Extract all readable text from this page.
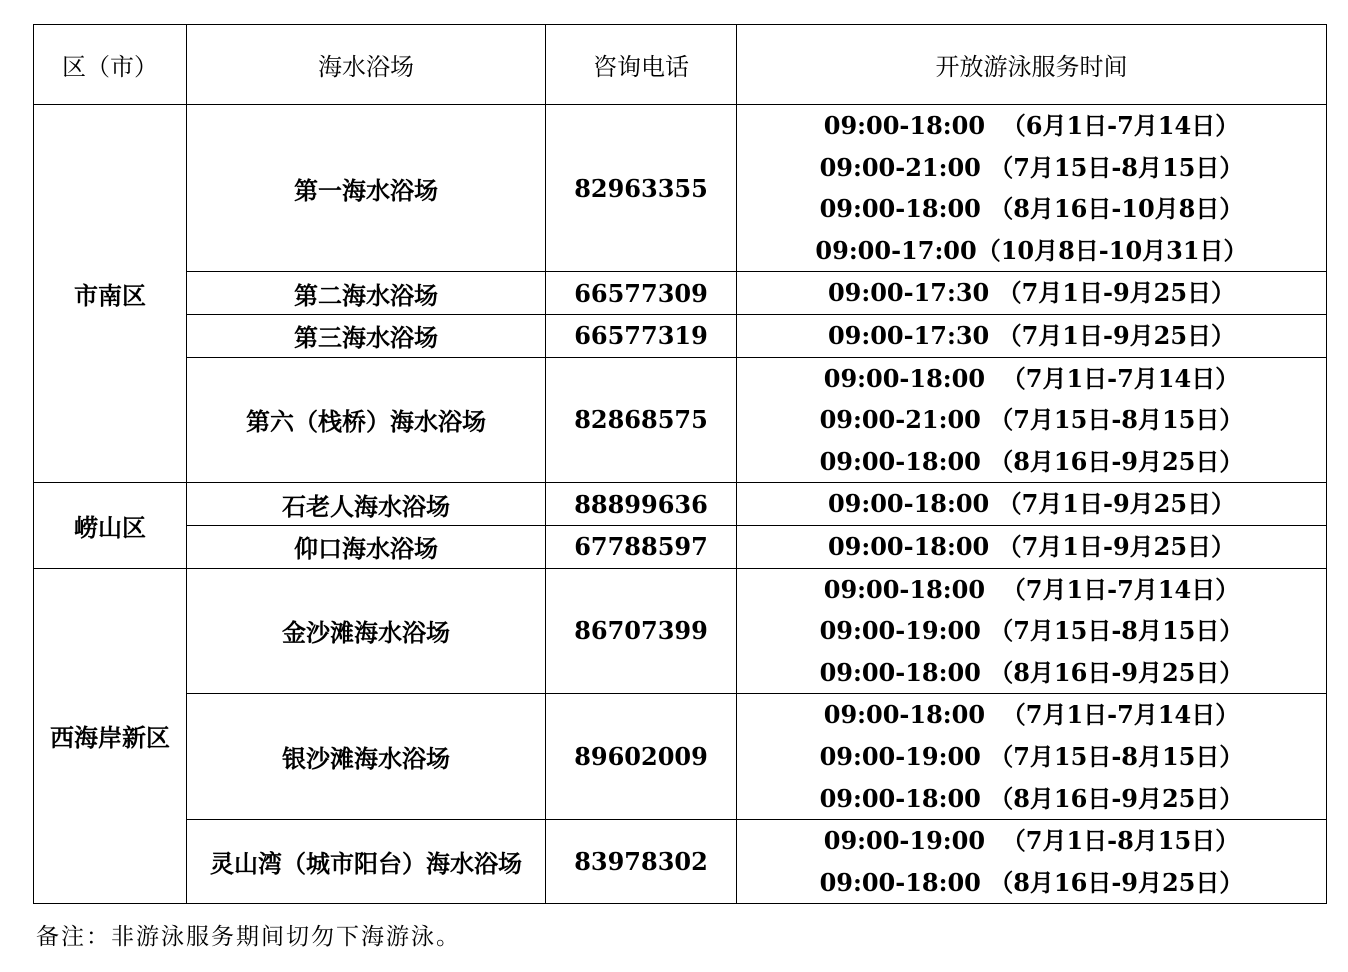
区（市）	海水浴场	咨询电话	开放游泳服务时间
市南区	第一海水浴场	82963355	09:00-18:00  （6月1日-7月14日）
09:00-21:00 （7月15日-8月15日）
09:00-18:00 （8月16日-10月8日）
09:00-17:00（10月8日-10月31日）

	第二海水浴场	66577309	09:00-17:30 （7月1日-9月25日）

	第三海水浴场	66577319	09:00-17:30 （7月1日-9月25日）

	第六（栈桥）海水浴场	82868575	09:00-18:00  （7月1日-7月14日）
09:00-21:00 （7月15日-8月15日）
09:00-18:00 （8月16日-9月25日）

崂山区	石老人海水浴场	88899636	09:00-18:00 （7月1日-9月25日）

	仰口海水浴场	67788597	09:00-18:00 （7月1日-9月25日）

西海岸新区	金沙滩海水浴场	86707399	09:00-18:00  （7月1日-7月14日）
09:00-19:00 （7月15日-8月15日）
09:00-18:00 （8月16日-9月25日）

	银沙滩海水浴场	89602009	09:00-18:00  （7月1日-7月14日）
09:00-19:00 （7月15日-8月15日）
09:00-18:00 （8月16日-9月25日）

	灵山湾（城市阳台）海水浴场	83978302	09:00-19:00  （7月1日-8月15日）
09:00-18:00 （8月16日-9月25日）
备注：非游泳服务期间切勿下海游泳。
